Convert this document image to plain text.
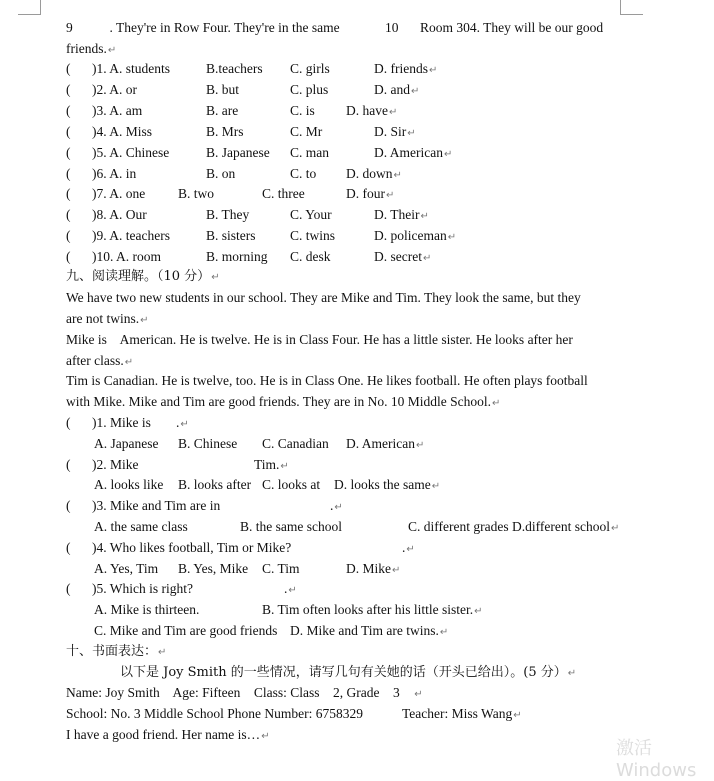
9	. They're in Row Four. They're in the same	10 Room 304. They will be our good
friends.↵
( )1. A. students	B.teachers C. girls	D. friends↵
( )2. A. or	B. but	C. plus	D. and↵
( )3. A. am	B. are	C. is D. have↵
( )4. A. Miss	B. Mrs	C. Mr	D. Sir↵
( )5. A. Chinese	B. Japanese C. man	D. American↵
( )6. A. in	B. on	C. to D. down↵
( )7. A. one B. two	C. three	D. four↵
( )8. A. Our	B. They	C. Your	D. Their↵
( )9. A. teachers	B. sisters	C. twins	D. policeman↵
( )10. A. room	B. morning C. desk	D. secret↵
九、阅读理解。（10 分）↵
We have two new students in our school. They are Mike and Tim. They look the same, but they
are not twins.↵
Mike is    American. He is twelve. He is in Class Four. He has a little sister. He looks after her
after class.↵
Tim is Canadian. He is twelve, too. He is in Class One. He likes football. He often plays football
with Mike. Mike and Tim are good friends. They are in No. 10 Middle School.↵
( )1. Mike is .↵
A. Japanese B. Chinese C. Canadian D. American↵
( )2. Mike	Tim.↵
A. looks like B. looks after C. looks at D. looks the same↵
( )3. Mike and Tim are in	.↵
A. the same class	B. the same school	C. different grades D.different school↵
( )4. Who likes football, Tim or Mike?	.↵
A. Yes, Tim B. Yes, Mike C. Tim	D. Mike↵
( )5. Which is right?	.↵
A. Mike is thirteen.	B. Tim often looks after his little sister.↵
C. Mike and Tim are good friends D. Mike and Tim are twins.↵
十、书面表达：↵
以下是 Joy Smith 的一些情况，请写几句有关她的话（开头已给出）。(5 分）↵
Name: Joy Smith    Age: Fifteen    Class: Class    2, Grade    3 ↵
School: No. 3 Middle School Phone Number: 6758329	Teacher: Miss Wang↵
I have a good friend. Her name is…↵
激活 Windows
